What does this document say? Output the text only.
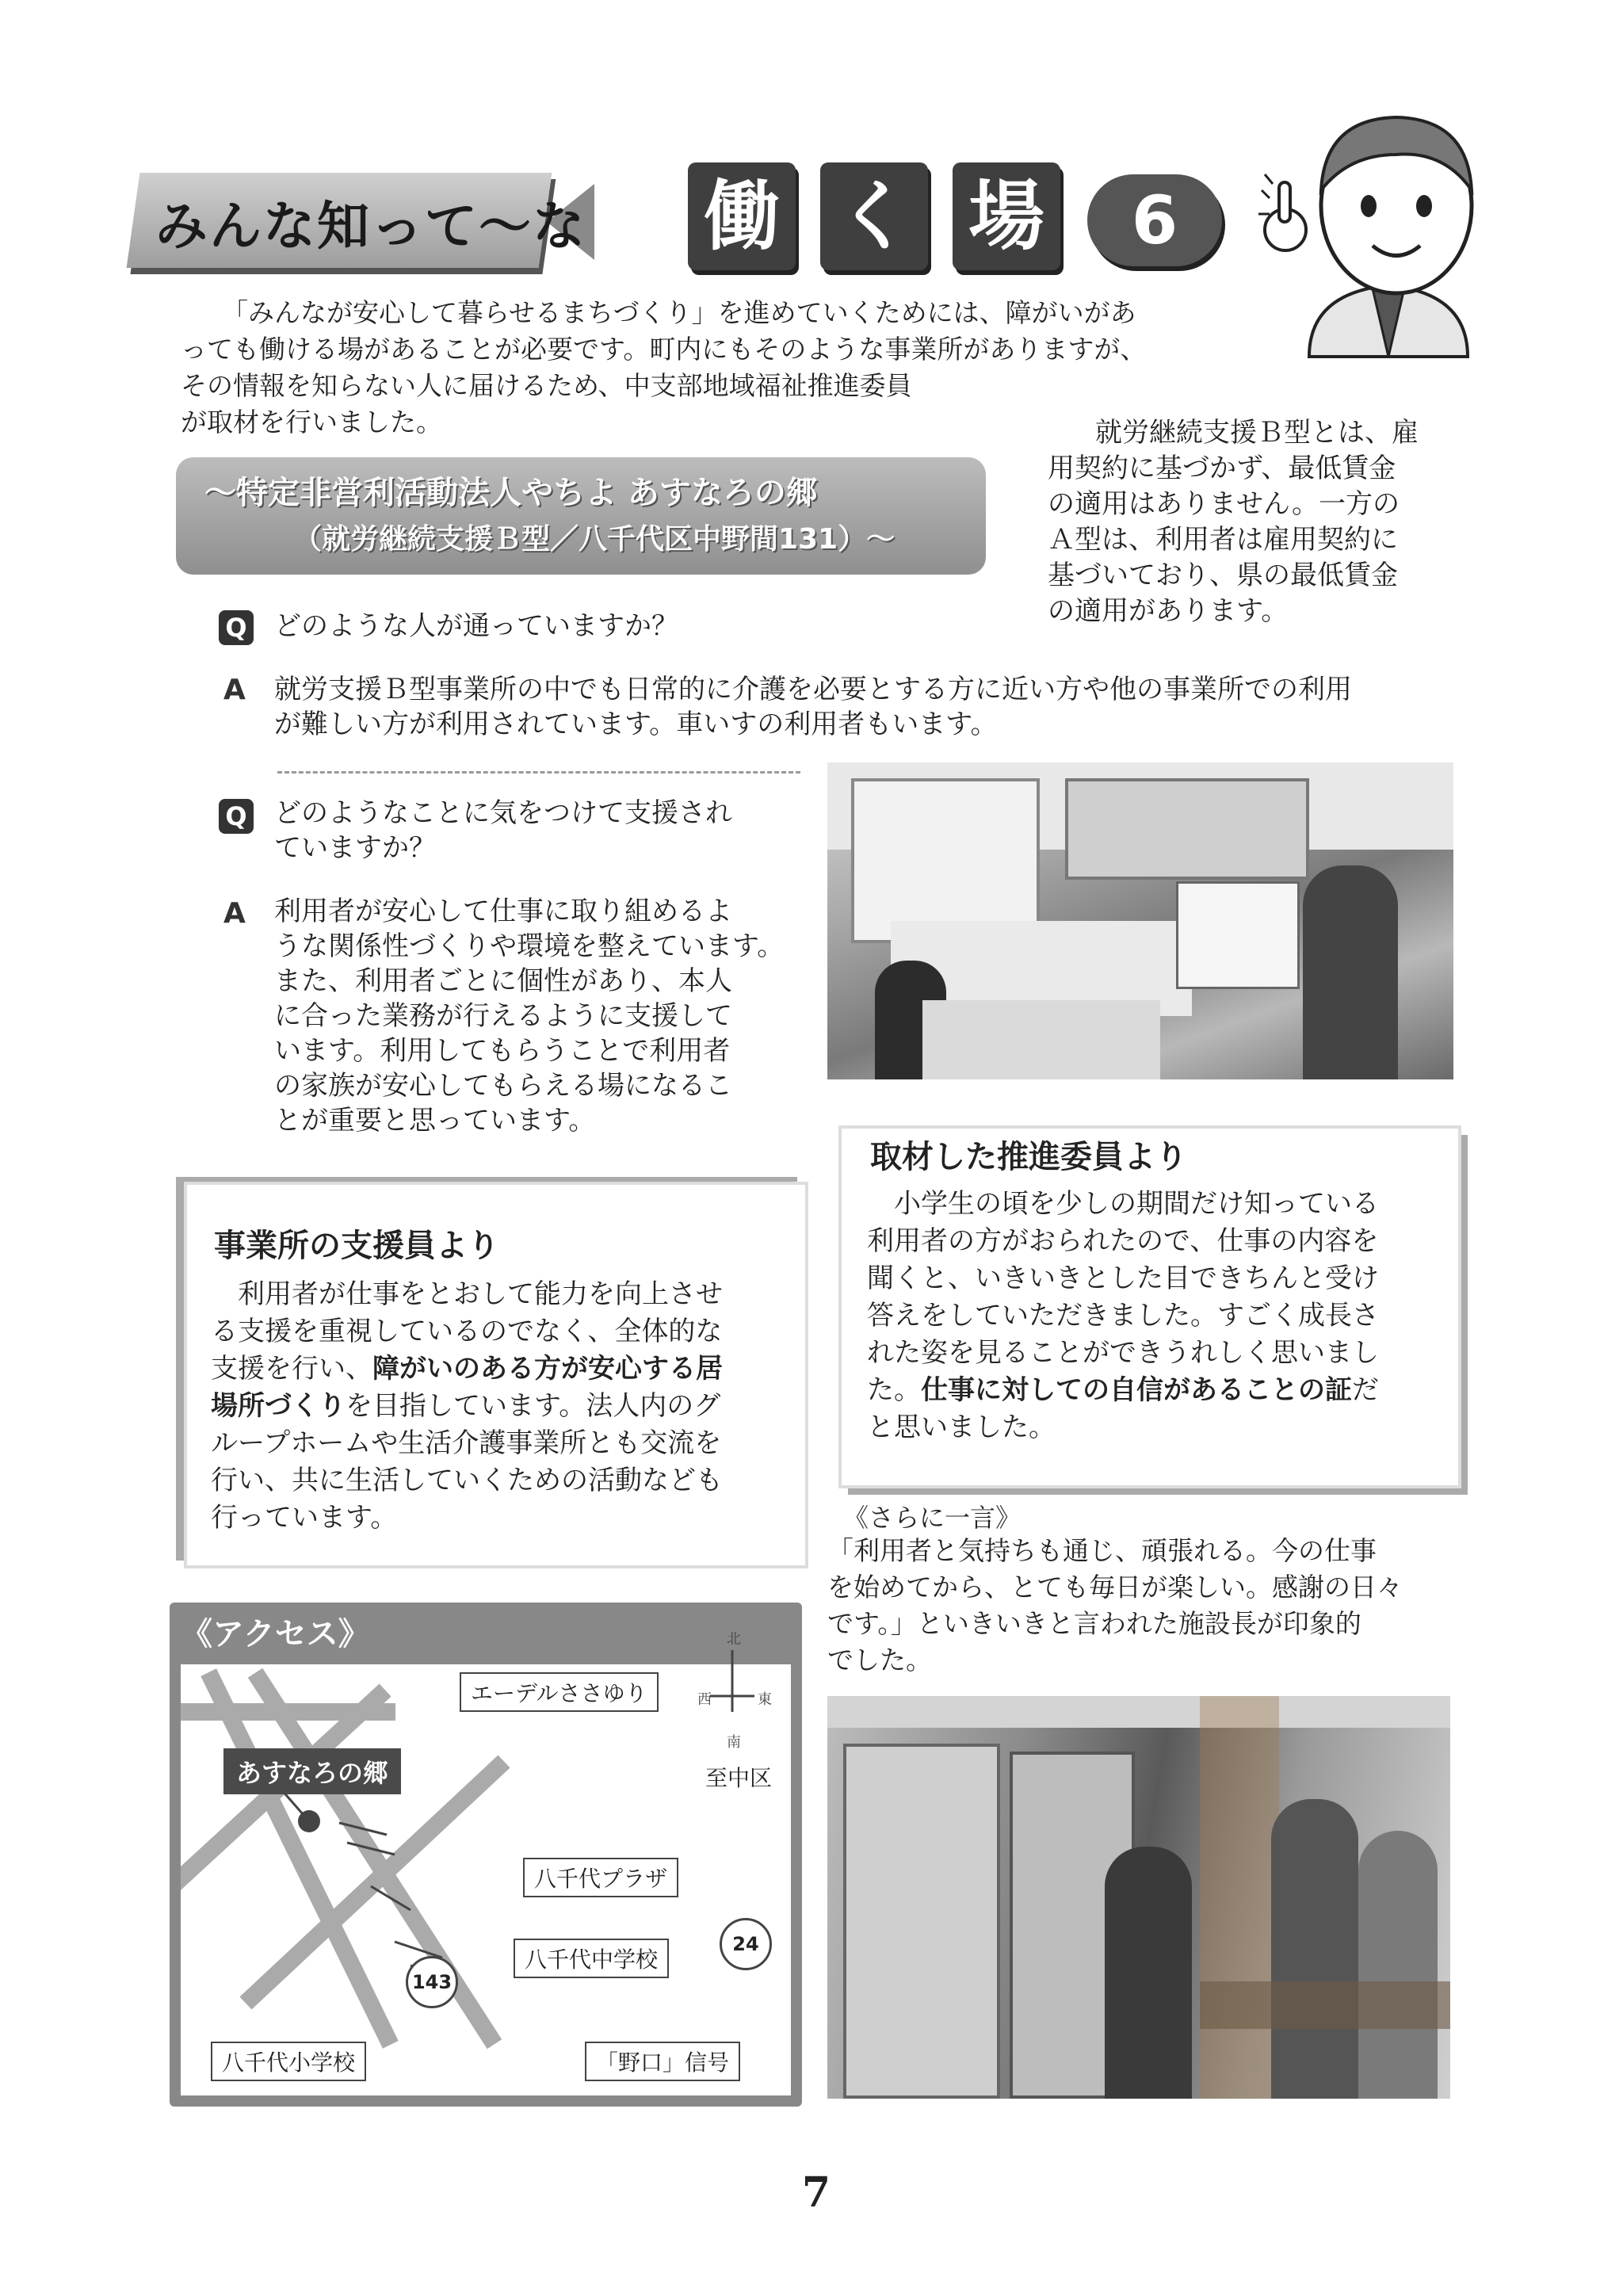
みんな知って〜な 働 く 場	6

「みんなが安心して暮らせるまちづくり」を進めていくためには、障がいがあ

っても働ける場があることが必要です。町内にもそのような事業所がありますが、

その情報を知らない人に届けるため、中支部地域福祉推進委員

が取材を行いました。	就労継続支援Ｂ型とは、雇

用契約に基づかず、最低賃金

の適用はありません。一方の

Ａ型は、利用者は雇用契約に

基づいており、県の最低賃金

の適用があります。

〜特定非営利活動法人やちよ あすなろの郷
（就労継続支援Ｂ型／八千代区中野間131）〜
Q どのような人が通っていますか？
A 就労支援Ｂ型事業所の中でも日常的に介護を必要とする方に近い方や他の事業所での利用

が難しい方が利用されています。車いすの利用者もいます。

Q どのようなことに気をつけて支援され

ていますか？

A 利用者が安心して仕事に取り組めるよ

うな関係性づくりや環境を整えています。

また、利用者ごとに個性があり、本人

に合った業務が行えるように支援して

います。利用してもらうことで利用者

の家族が安心してもらえる場になるこ

とが重要と思っています。

取材した推進委員より

小学生の頃を少しの期間だけ知っている

利用者の方がおられたので、仕事の内容を

聞くと、いきいきとした目できちんと受け

答えをしていただきました。すごく成長さ

れた姿を見ることができうれしく思いまし

た。仕事に対しての自信があることの証だ

と思いました。

事業所の支援員より

利用者が仕事をとおして能力を向上させ

る支援を重視しているのでなく、全体的な

支援を行い、障がいのある方が安心する居

場所づくりを目指しています。法人内のグ

ループホームや生活介護事業所とも交流を

行い、共に生活していくための活動なども

行っています。	《さらに一言》

「利用者と気持ちも通じ、頑張れる。今の仕事

を始めてから、とても毎日が楽しい。感謝の日々

です。」といきいきと言われた施設長が印象的

でした。

《アクセス》
エーデルささゆり
八千代プラザ
八千代中学校
八千代小学校	「野口」信号
至中区
あすなろの郷
143
24
北
南
東
西
7
